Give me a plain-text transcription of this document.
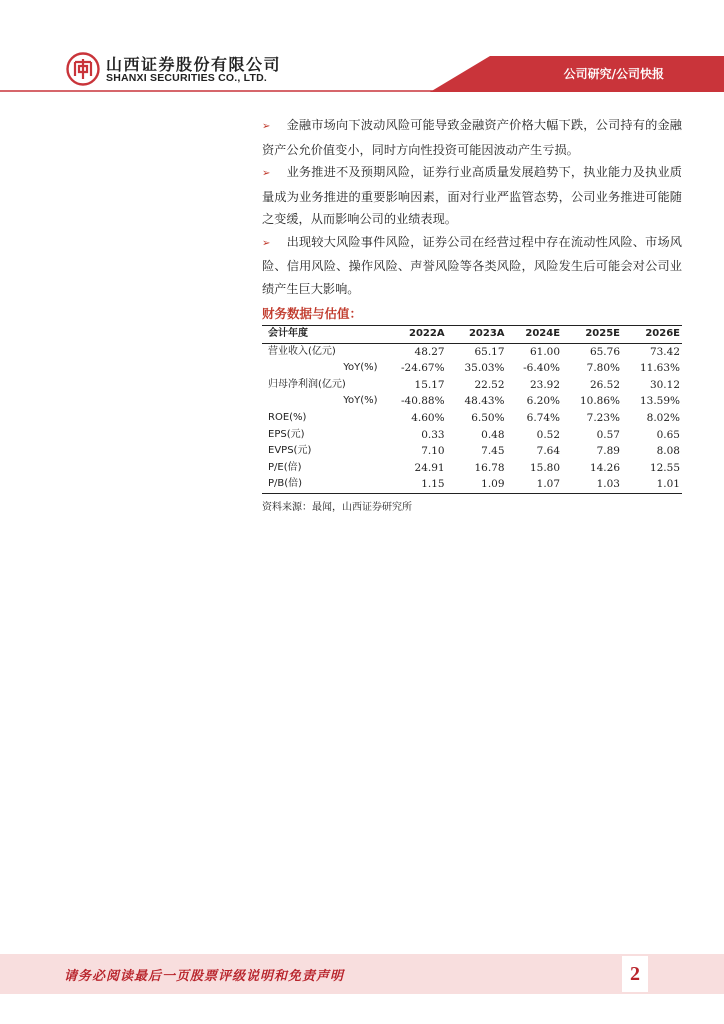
山西证券股份有限公司
SHANXI SECURITIES CO., LTD.	公司研究/公司快报

➢ 金融市场向下波动风险可能导致金融资产价格大幅下跌，公司持有的金融资产公允价值变小，同时方向性投资可能因波动产生亏损。

➢ 业务推进不及预期风险，证券行业高质量发展趋势下，执业能力及执业质量成为业务推进的重要影响因素，面对行业严监管态势，公司业务推进可能随之变缓，从而影响公司的业绩表现。

➢ 出现较大风险事件风险，证券公司在经营过程中存在流动性风险、市场风险、信用风险、操作风险、声誉风险等各类风险，风险发生后可能会对公司业绩产生巨大影响。

财务数据与估值：
会计年度	2022A	2023A	2024E	2025E	2026E
营业收入(亿元)	48.27	65.17	61.00	65.76	73.42
YoY(%)	-24.67%	35.03%	-6.40%	7.80%	11.63%
归母净利润(亿元)	15.17	22.52	23.92	26.52	30.12
YoY(%)	-40.88%	48.43%	6.20%	10.86%	13.59%
ROE(%)	4.60%	6.50%	6.74%	7.23%	8.02%
EPS(元)	0.33	0.48	0.52	0.57	0.65
EVPS(元)	7.10	7.45	7.64	7.89	8.08
P/E(倍)	24.91	16.78	15.80	14.26	12.55
P/B(倍)	1.15	1.09	1.07	1.03	1.01
资料来源：最闻，山西证券研究所
请务必阅读最后一页股票评级说明和免责声明	2
